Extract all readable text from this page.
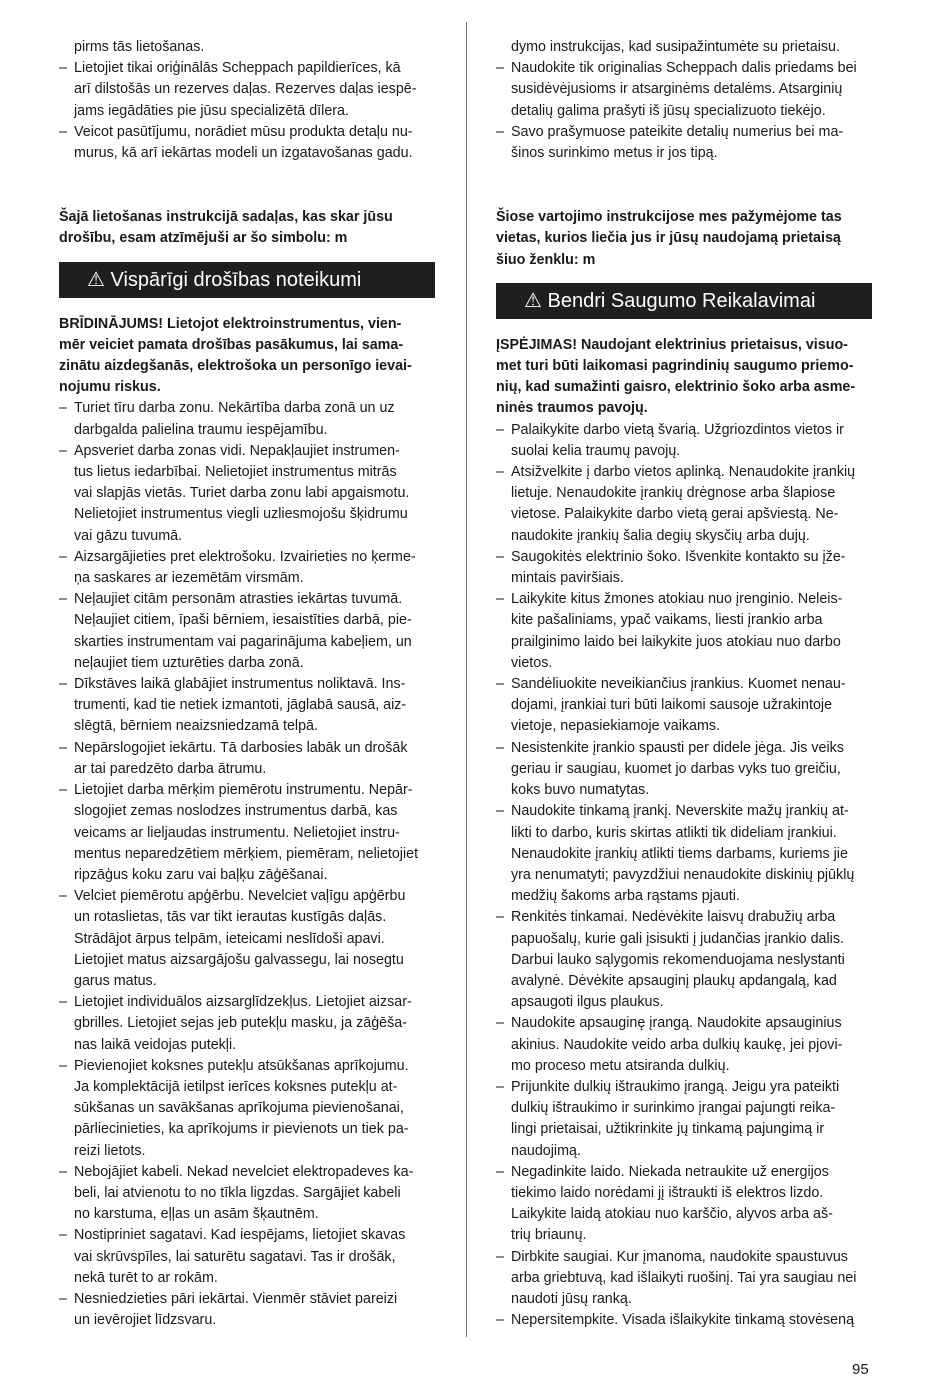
pirms tās lietošanas.

– Lietojiet tikai oriģinālās Scheppach papildierīces, kā
arī dilstošās un rezerves daļas. Rezerves daļas iespē-
jams iegādāties pie jūsu specializētā dīlera.
– Veicot pasūtījumu, norādiet mūsu produkta detaļu nu-
murus, kā arī iekārtas modeli un izgatavošanas gadu.

Šajā lietošanas instrukcijā sadaļas, kas skar jūsu
drošību, esam atzīmējuši ar šo simbolu: m

⚠ Vispārīgi drošības noteikumi

BRĪDINĀJUMS! Lietojot elektroinstrumentus, vien-
mēr veiciet pamata drošības pasākumus, lai sama-
zinātu aizdegšanās, elektrošoka un personīgo ievai-
nojumu riskus.

– Turiet tīru darba zonu. Nekārtība darba zonā un uz
darbgalda palielina traumu iespējamību.
– Apsveriet darba zonas vidi. Nepakļaujiet instrumen-
tus lietus iedarbībai. Nelietojiet instrumentus mitrās
vai slapjās vietās. Turiet darba zonu labi apgaismotu.
Nelietojiet instrumentus viegli uzliesmojošu šķidrumu
vai gāzu tuvumā.
– Aizsargājieties pret elektrošoku. Izvairieties no ķerme-
ņa saskares ar iezemētām virsmām.
– Neļaujiet citām personām atrasties iekārtas tuvumā.
Neļaujiet citiem, īpaši bērniem, iesaistīties darbā, pie-
skarties instrumentam vai pagarinājuma kabeļiem, un
neļaujiet tiem uzturēties darba zonā.
– Dīkstāves laikā glabājiet instrumentus noliktavā. Ins-
trumenti, kad tie netiek izmantoti, jāglabā sausā, aiz-
slēgtā, bērniem neaizsniedzamā telpā.
– Nepārslogojiet iekārtu. Tā darbosies labāk un drošāk
ar tai paredzēto darba ātrumu.
– Lietojiet darba mērķim piemērotu instrumentu. Nepār-
slogojiet zemas noslodzes instrumentus darbā, kas
veicams ar lieljaudas instrumentu. Nelietojiet instru-
mentus neparedzētiem mērķiem, piemēram, nelietojiet
ripzāģus koku zaru vai baļķu zāģēšanai.
– Velciet piemērotu apģērbu. Nevelciet vaļīgu apģērbu
un rotaslietas, tās var tikt ierautas kustīgās daļās.
Strādājot ārpus telpām, ieteicami neslīdoši apavi.
Lietojiet matus aizsargājošu galvassegu, lai nosegtu
garus matus.
– Lietojiet individuālos aizsarglīdzekļus. Lietojiet aizsar-
gbrilles. Lietojiet sejas jeb putekļu masku, ja zāģēša-
nas laikā veidojas putekļi.
– Pievienojiet koksnes putekļu atsūkšanas aprīkojumu.
Ja komplektācijā ietilpst ierīces koksnes putekļu at-
sūkšanas un savākšanas aprīkojuma pievienošanai,
pārliecinieties, ka aprīkojums ir pievienots un tiek pa-
reizi lietots.
– Nebojājiet kabeli. Nekad nevelciet elektropadeves ka-
beli, lai atvienotu to no tīkla ligzdas. Sargājiet kabeli
no karstuma, eļļas un asām šķautnēm.
– Nostipriniet sagatavi. Kad iespējams, lietojiet skavas
vai skrūvspīles, lai saturētu sagatavi. Tas ir drošāk,
nekā turēt to ar rokām.
– Nesniedzieties pāri iekārtai. Vienmēr stāviet pareizi
un ievērojiet līdzsvaru.

dymo instrukcijas, kad susipažintumėte su prietaisu.

– Naudokite tik originalias Scheppach dalis priedams bei
susidėvėjusioms ir atsarginėms detalėms. Atsarginių
detalių galima prašyti iš jūsų specializuoto tiekėjo.
– Savo prašymuose pateikite detalių numerius bei ma-
šinos surinkimo metus ir jos tipą.

Šiose vartojimo instrukcijose mes pažymėjome tas
vietas, kurios liečia jus ir jūsų naudojamą prietaisą
šiuo ženklu: m

⚠ Bendri Saugumo Reikalavimai

ĮSPĖJIMAS! Naudojant elektrinius prietaisus, visuo-
met turi būti laikomasi pagrindinių saugumo priemo-
nių, kad sumažinti gaisro, elektrinio šoko arba asme-
ninės traumos pavojų.

– Palaikykite darbo vietą švarią. Užgriozdintos vietos ir
suolai kelia traumų pavojų.
– Atsižvelkite į darbo vietos aplinką. Nenaudokite įrankių
lietuje. Nenaudokite įrankių drėgnose arba šlapiose
vietose. Palaikykite darbo vietą gerai apšviestą. Ne-
naudokite įrankių šalia degių skysčių arba dujų.
– Saugokitės elektrinio šoko. Išvenkite kontakto su įže-
mintais paviršiais.
– Laikykite kitus žmones atokiau nuo įrenginio. Neleis-
kite pašaliniams, ypač vaikams, liesti įrankio arba
prailginimo laido bei laikykite juos atokiau nuo darbo
vietos.
– Sandėliuokite neveikiančius įrankius. Kuomet nenau-
dojami, įrankiai turi būti laikomi sausoje užrakintoje
vietoje, nepasiekiamoje vaikams.
– Nesistenkite įrankio spausti per didele jėga. Jis veiks
geriau ir saugiau, kuomet jo darbas vyks tuo greičiu,
koks buvo numatytas.
– Naudokite tinkamą įrankį. Neverskite mažų įrankių at-
likti to darbo, kuris skirtas atlikti tik dideliam įrankiui.
Nenaudokite įrankių atlikti tiems darbams, kuriems jie
yra nenumatyti; pavyzdžiui nenaudokite diskinių pjūklų
medžių šakoms arba rąstams pjauti.
– Renkitės tinkamai. Nedėvėkite laisvų drabužių arba
papuošalų, kurie gali įsisukti į judančias įrankio dalis.
Darbui lauko sąlygomis rekomenduojama neslystanti
avalynė. Dėvėkite apsauginį plaukų apdangalą, kad
apsaugoti ilgus plaukus.
– Naudokite apsauginę įrangą. Naudokite apsauginius
akinius. Naudokite veido arba dulkių kaukę, jei pjovi-
mo proceso metu atsiranda dulkių.
– Prijunkite dulkių ištraukimo įrangą. Jeigu yra pateikti
dulkių ištraukimo ir surinkimo įrangai pajungti reika-
lingi prietaisai, užtikrinkite jų tinkamą pajungimą ir
naudojimą.
– Negadinkite laido. Niekada netraukite už energijos
tiekimo laido norėdami jį ištraukti iš elektros lizdo.
Laikykite laidą atokiau nuo karščio, alyvos arba aš-
trių briaunų.
– Dirbkite saugiai. Kur įmanoma, naudokite spaustuvus
arba griebtuvą, kad išlaikyti ruošinį. Tai yra saugiau nei
naudoti jūsų ranką.
– Nepersitempkite. Visada išlaikykite tinkamą stovėseną
95
